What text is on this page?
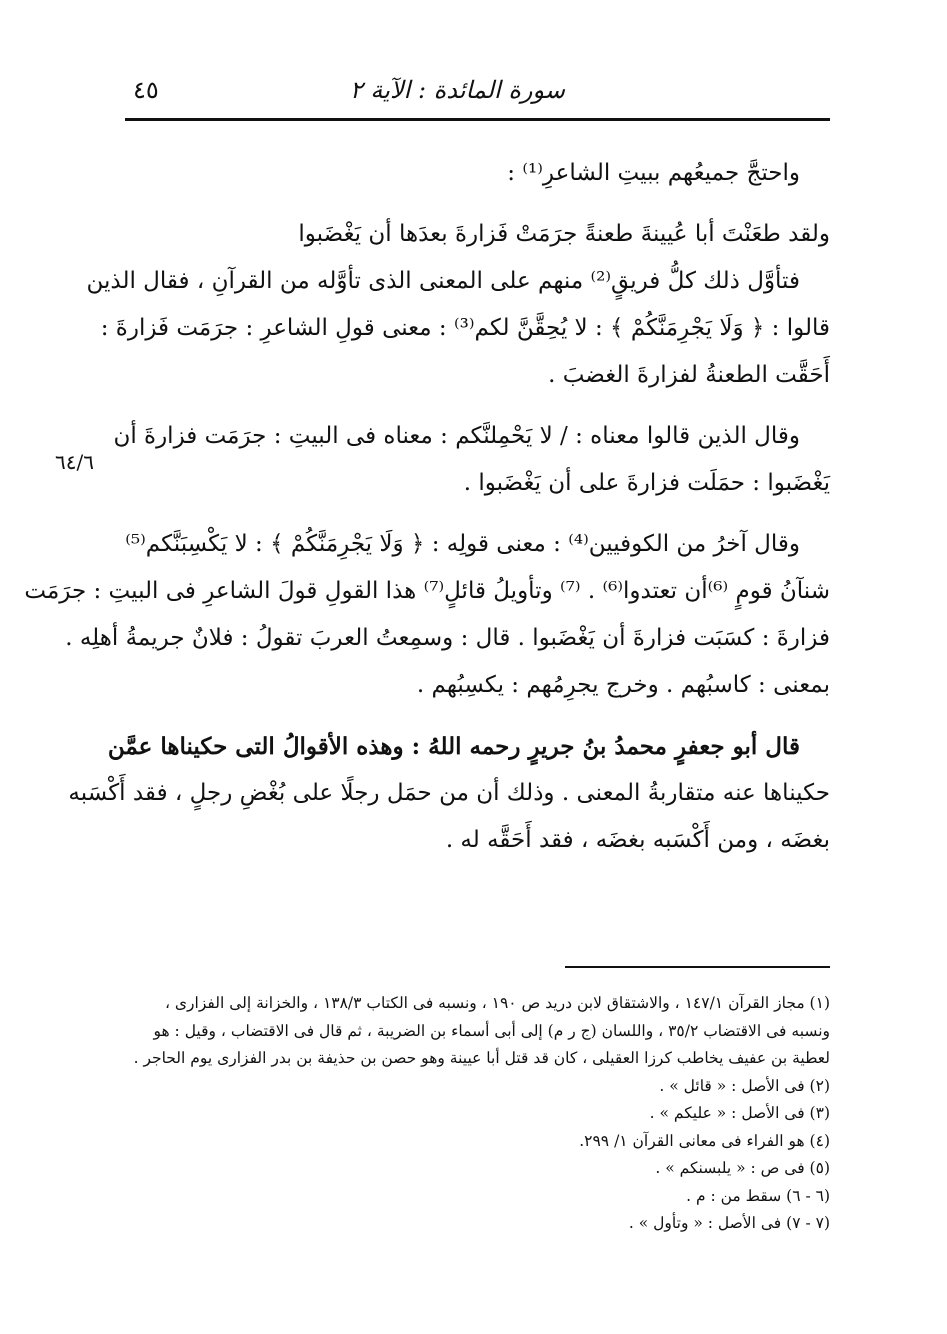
سورة المائدة : الآية ٢
٤٥
٦٤/٦
واحتجَّ جميعُهم ببيتِ الشاعرِ⁽¹⁾ :
ولقد طعَنْتَ أبا عُيينةَ طعنةً جرَمَتْ فَزارةَ بعدَها أن يَغْضَبوا
فتأوَّل ذلك كلُّ فريقٍ⁽²⁾ منهم على المعنى الذى تأوَّله من القرآنِ ، فقال الذين
قالوا : ﴿ وَلَا يَجْرِمَنَّكُمْ ﴾ : لا يُحِقَّنَّ لكم⁽³⁾ : معنى قولِ الشاعرِ : جرَمَت فَزارةَ :
أَحَقَّت الطعنةُ لفزارةَ الغضبَ .
وقال الذين قالوا معناه : / لا يَحْمِلنَّكم : معناه فى البيتِ : جرَمَت فزارةَ أن
يَغْضَبوا : حمَلَت فزارةَ على أن يَغْضَبوا .
وقال آخرُ من الكوفيين⁽⁴⁾ : معنى قولِه : ﴿ وَلَا يَجْرِمَنَّكُمْ ﴾ : لا يَكْسِبَنَّكم⁽⁵⁾
شنآنُ قومٍ ⁽⁶⁾أن تعتدوا⁽⁶⁾ . ⁽⁷⁾ وتأويلُ قائلٍ⁽⁷⁾ هذا القولِ قولَ الشاعرِ فى البيتِ : جرَمَت
فزارةَ : كسَبَت فزارةَ أن يَغْضَبوا . قال : وسمِعتُ العربَ تقولُ : فلانٌ جريمةُ أهلِه .
بمعنى : كاسبُهم . وخرج يجرِمُهم : يكسِبُهم .
قال أبو جعفرٍ محمدُ بنُ جريرٍ رحمه اللهُ : وهذه الأقوالُ التى حكيناها عمَّن
حكيناها عنه متقاربةُ المعنى . وذلك أن من حمَل رجلًا على بُغْضِ رجلٍ ، فقد أَكْسَبه
بغضَه ، ومن أَكْسَبه بغضَه ، فقد أَحَقَّه له .
(١) مجاز القرآن ١٤٧/١ ، والاشتقاق لابن دريد ص ١٩٠ ، ونسبه فى الكتاب ١٣٨/٣ ، والخزانة إلى الفزارى ،
ونسبه فى الاقتضاب ٣٥/٢ ، واللسان (ج ر م) إلى أبى أسماء بن الضريبة ، ثم قال فى الاقتضاب ، وقيل : هو
لعطية بن عفيف يخاطب كرزا العقيلى ، كان قد قتل أبا عيينة وهو حصن بن حذيفة بن بدر الفزارى يوم الحاجر .
(٢) فى الأصل : « قائل » .
(٣) فى الأصل : « عليكم » .
(٤) هو الفراء فى معانى القرآن ١/ ٢٩٩.
(٥) فى ص : « يلبسنكم » .
(٦ - ٦) سقط من : م .
(٧ - ٧) فى الأصل : « وتأول » .
